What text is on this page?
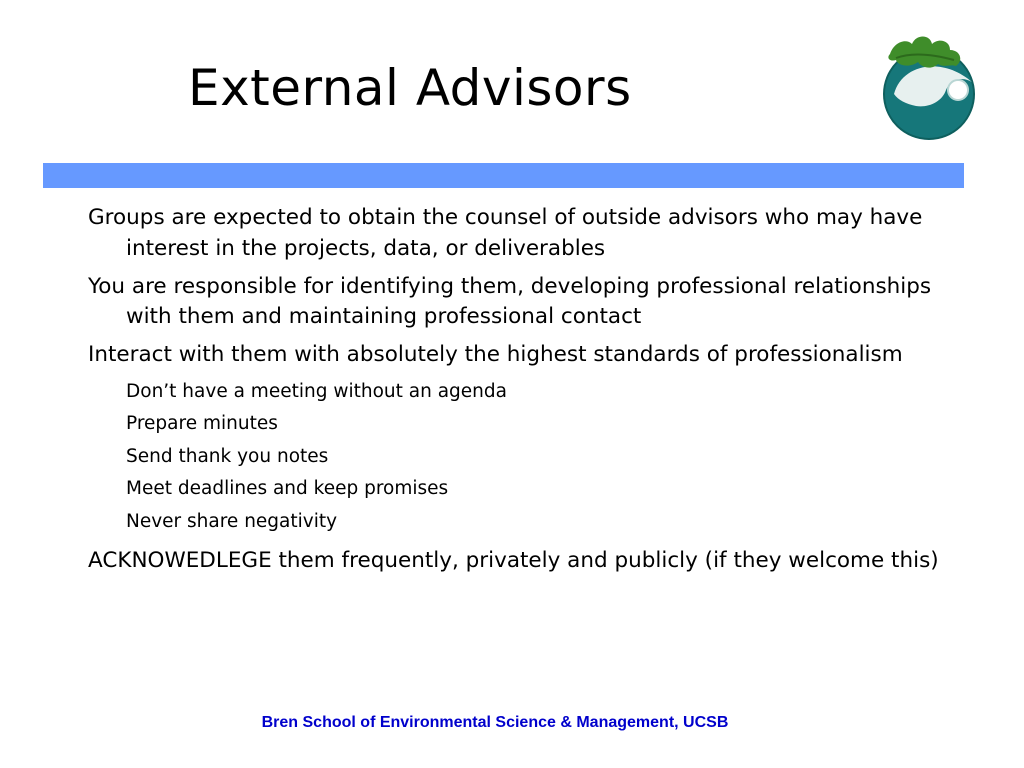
External Advisors
Groups are expected to obtain the counsel of outside advisors who may have interest in the projects, data, or deliverables
You are responsible for identifying them, developing professional relationships with them and maintaining professional contact
Interact with them with absolutely the highest standards of professionalism
Don’t have a meeting without an agenda
Prepare minutes
Send thank you notes
Meet deadlines and keep promises
Never share negativity
ACKNOWEDLEGE them frequently, privately and publicly (if they welcome this)
Bren School of Environmental Science & Management, UCSB
